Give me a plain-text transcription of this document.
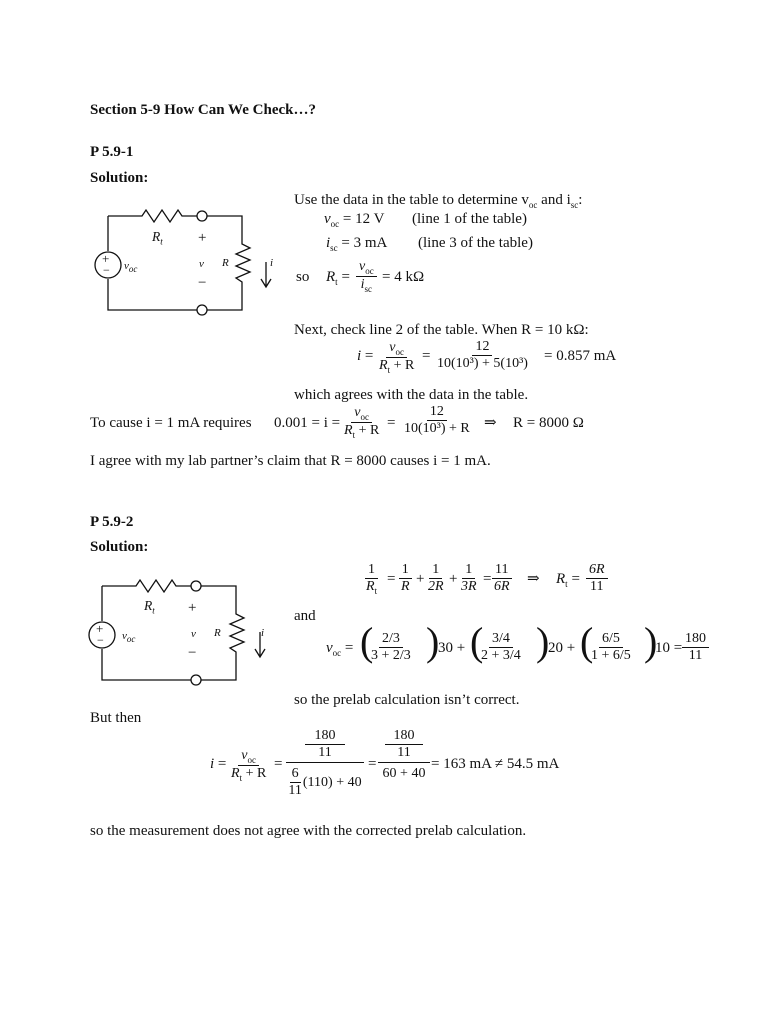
Section 5-9 How Can We Check…?
P 5.9-1
Solution:
$R_t$ +
−
v R	i
+
− $v_{oc}$
Use the data in the table to determine $v_{oc}$ and $i_{sc}$:
$v_{oc} = 12$ V (line 1 of the table)
$i_{sc} = 3$ mA (line 3 of the table)
so $R_t$ =
$v_{oc}$
$i_{sc}$
= 4 kΩ
Next, check line 2 of the table. When R = 10 kΩ:
i =
$v_{oc}$
$R_t + R$
= $\frac{12}{\text{10(10³) + 5(10³)}} = 0.857$ mA
which agrees with the data in the table.
To cause i = 1 mA requires 0.001 = i =
$v_{oc}$
$R_t + R = \frac{12}{\text{10(10³) + R}}$ ⇒ R = 8000 Ω
I agree with my lab partner’s claim that R = 8000 causes i = 1 mA.
P 5.9-2
Solution:
$R_t$ +
−
v R	i
+
− $v_{oc}$
$\frac{1}{R_t} = \frac{1}{R} + \frac{1}{2R} + \frac{1}{3R} = \frac{11}{6R}$ ⇒ $R_t = \frac{6R}{11}$
and
$v_{oc}$ = (
$\frac{2/3}{3 + 2/3}$ )
30 + (
$\frac{3/4}{2 + 3/4}$ )
20 + (
$\frac{6/5}{1 + 6/5}$ )
$10 = \frac{180}{11}$
so the prelab calculation isn’t correct.
But then
i =
$v_{oc}$
$R_t + R$
=
180
11
6
11
(110) + 40
=
180
11
60 + 40
= 163 mA ≠ 54.5 mA
so the measurement does not agree with the corrected prelab calculation.
